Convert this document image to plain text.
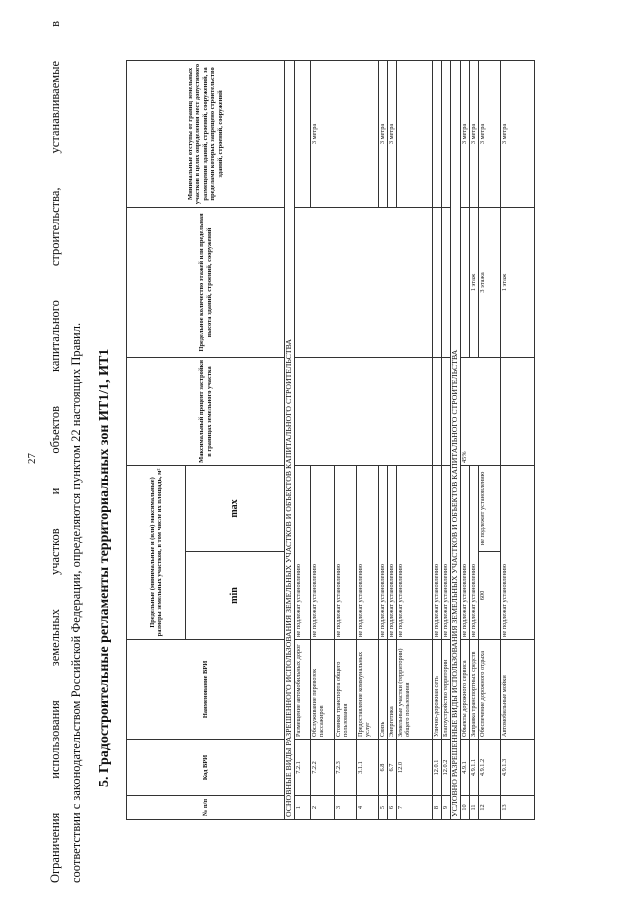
27 Ограничения использования земельных участков и объектов капитального строительства, устанавливаемые в соответствии с законодательством Российской Федерации, определяются пунктом 22 настоящих Правил. 5. Градостроительные регламенты территориальных зон ИТ1/1, ИТ1
№ п/п	Код ВРИ	Наименование ВРИ	Предельные (минимальные и (или) максимальные) размеры земельных участков, в том числе их площадь, м²		Максимальный процент застройки в границах земельного участка	Предельное количество этажей или предельная высота зданий, строений, сооружений	Минимальные отступы от границ земельных участков в целях определения мест допустимого размещения зданий, строений, сооружений, за пределами которых запрещено строительство зданий, строений, сооружений
			min	max			
ОСНОВНЫЕ ВИДЫ РАЗРЕШЕННОГО ИСПОЛЬЗОВАНИЯ ЗЕМЕЛЬНЫХ УЧАСТКОВ И ОБЪЕКТОВ КАПИТАЛЬНОГО СТРОИТЕЛЬСТВА							
1	7.2.1	Размещение автомобильных дорог	не подлежат установлению				
2	7.2.2	Обслуживание перевозок пассажиров	не подлежат установлению				3 метра
3	7.2.3	Стоянки транспорта общего пользования	не подлежат установлению				
4	3.1.1	Предоставление коммунальных услуг	не подлежат установлению				
5	6.8	Связь	не подлежат установлению				3 метра
6	6.7	Энергетика	не подлежат установлению				3 метра
7	12.0	Земельные участки (территории) общего пользования	не подлежат установлению				
8	12.0.1	Улично-дорожная сеть	не подлежат установлению				
9	12.0.2	Благоустройство территории	не подлежат установлению				
УСЛОВНО РАЗРЕШЕННЫЕ ВИДЫ ИСПОЛЬЗОВАНИЯ ЗЕМЕЛЬНЫХ УЧАСТКОВ И ОБЪЕКТОВ КАПИТАЛЬНОГО СТРОИТЕЛЬСТВА							
10	4.9.1	Объекты дорожного сервиса	не подлежат установлению		45%		3 метра
11	4.9.1.1	Заправка транспортных средств	не подлежат установлению			1 этаж	3 метра
12	4.9.1.2	Обеспечение дорожного отдыха	600	не подлежит установлению		3 этажа	3 метра
13	4.9.1.3	Автомобильные мойки	не подлежат установлению			1 этаж	3 метра
